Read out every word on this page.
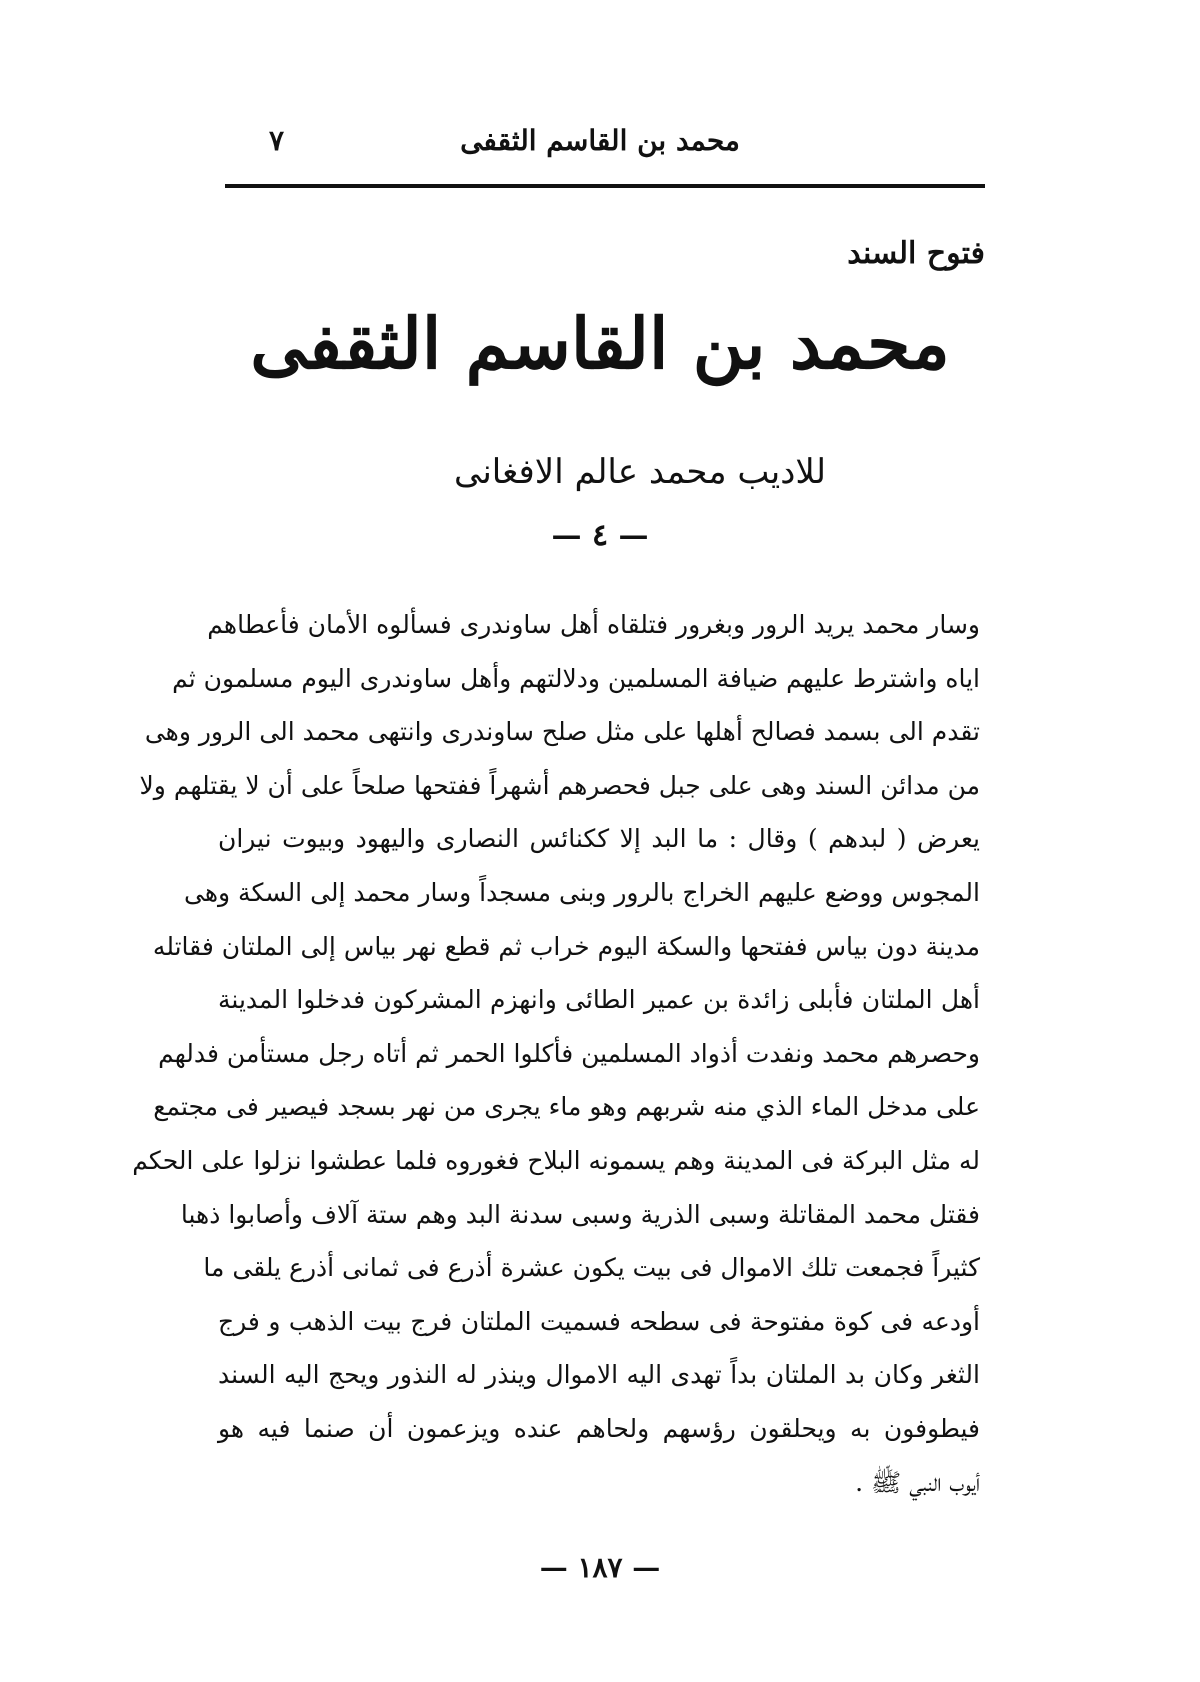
محمد بن القاسم الثقفى
٧
فتوح السند
محمد بن القاسم الثقفى
للاديب محمد عالم الافغانى
— ٤ —
وسار محمد يريد الرور وبغرور فتلقاه أهل ساوندرى فسألوه الأمان فأعطاهم
اياه واشترط عليهم ضيافة المسلمين ودلالتهم وأهل ساوندرى اليوم مسلمون ثم
تقدم الى بسمد فصالح أهلها على مثل صلح ساوندرى وانتهى محمد الى الرور وهى
من مدائن السند وهى على جبل فحصرهم أشهراً ففتحها صلحاً على أن لا يقتلهم ولا
يعرض ( لبدهم ) وقال : ما البد إلا ككنائس النصارى واليهود وبيوت نيران
المجوس ووضع عليهم الخراج بالرور وبنى مسجداً وسار محمد إلى السكة وهى
مدينة دون بياس ففتحها والسكة اليوم خراب ثم قطع نهر بياس إلى الملتان فقاتله
أهل الملتان فأبلى زائدة بن عمير الطائى وانهزم المشركون فدخلوا المدينة
وحصرهم محمد ونفدت أذواد المسلمين فأكلوا الحمر ثم أتاه رجل مستأمن فدلهم
على مدخل الماء الذي منه شربهم وهو ماء يجرى من نهر بسجد فيصير فى مجتمع
له مثل البركة فى المدينة وهم يسمونه البلاح فغوروه فلما عطشوا نزلوا على الحكم
فقتل محمد المقاتلة وسبى الذرية وسبى سدنة البد وهم ستة آلاف وأصابوا ذهبا
كثيراً فجمعت تلك الاموال فى بيت يكون عشرة أذرع فى ثمانى أذرع يلقى ما
أودعه فى كوة مفتوحة فى سطحه فسميت الملتان فرج بيت الذهب و فرج
الثغر وكان بد الملتان بداً تهدى اليه الاموال وينذر له النذور ويحج اليه السند
فيطوفون به ويحلقون رؤسهم ولحاهم عنده ويزعمون أن صنما فيه هو
أيوب النبي ﷺ .
— ١٨٧ —
